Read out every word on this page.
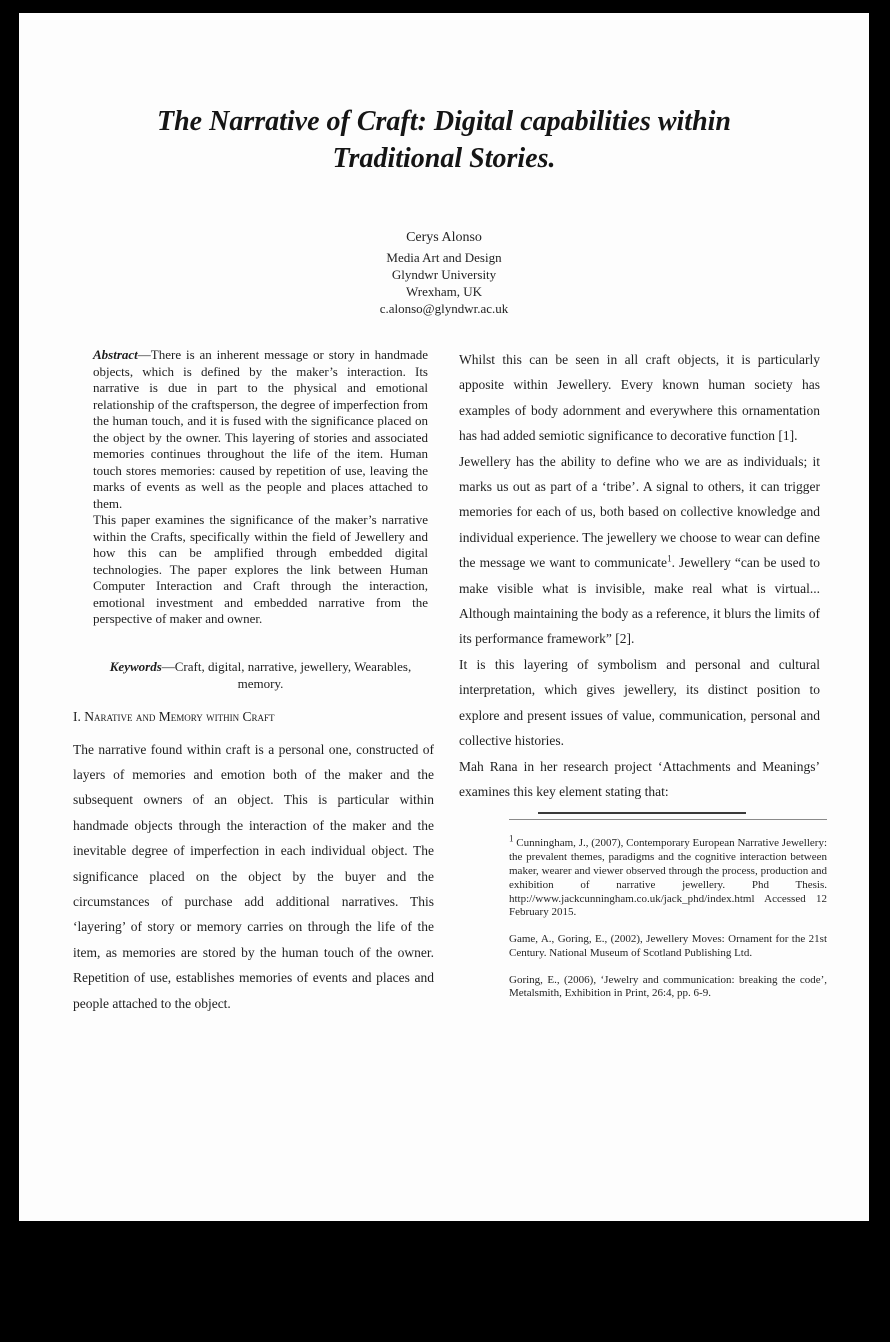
The Narrative of Craft: Digital capabilities within
Traditional Stories.
Cerys Alonso
Media Art and Design
Glyndwr University
Wrexham, UK
c.alonso@glyndwr.ac.uk

Abstract—There is an inherent message or story in handmade objects, which is defined by the maker’s interaction. Its narrative is due in part to the physical and emotional relationship of the craftsperson, the degree of imperfection from the human touch, and it is fused with the significance placed on the object by the owner. This layering of stories and associated memories continues throughout the life of the item. Human touch stores memories: caused by repetition of use, leaving the marks of events as well as the people and places attached to them.

This paper examines the significance of the maker’s narrative within the Crafts, specifically within the field of Jewellery and how this can be amplified through embedded digital technologies. The paper explores the link between Human Computer Interaction and Craft through the interaction, emotional investment and embedded narrative from the perspective of maker and owner.

Keywords—Craft, digital, narrative, jewellery, Wearables, memory.
I. Narative and Memory within Craft

The narrative found within craft is a personal one, constructed of layers of memories and emotion both of the maker and the subsequent owners of an object. This is particular within handmade objects through the interaction of the maker and the inevitable degree of imperfection in each individual object. The significance placed on the object by the buyer and the circumstances of purchase add additional narratives. This ‘layering’ of story or memory carries on through the life of the item, as memories are stored by the human touch of the owner. Repetition of use, establishes memories of events and places and people attached to the object.

Whilst this can be seen in all craft objects, it is particularly apposite within Jewellery. Every known human society has examples of body adornment and everywhere this ornamentation has had added semiotic significance to decorative function [1].

Jewellery has the ability to define who we are as individuals; it marks us out as part of a ‘tribe’. A signal to others, it can trigger memories for each of us, both based on collective knowledge and individual experience. The jewellery we choose to wear can define the message we want to communicate$^1$. Jewellery “can be used to make visible what is invisible, make real what is virtual... Although maintaining the body as a reference, it blurs the limits of its performance framework” [2].

It is this layering of symbolism and personal and cultural interpretation, which gives jewellery, its distinct position to explore and present issues of value, communication, personal and collective histories.

Mah Rana in her research project ‘Attachments and Meanings’ examines this key element stating that:

$^1$ Cunningham, J., (2007), Contemporary European Narrative Jewellery: the prevalent themes, paradigms and the cognitive interaction between maker, wearer and viewer observed through the process, production and exhibition of narrative jewellery. Phd Thesis. http://www.jackcunningham.co.uk/jack_phd/index.html Accessed 12 February 2015.

Game, A., Goring, E., (2002), Jewellery Moves: Ornament for the 21st Century. National Museum of Scotland Publishing Ltd.

Goring, E., (2006), ‘Jewelry and communication: breaking the code’, Metalsmith, Exhibition in Print, 26:4, pp. 6-9.
